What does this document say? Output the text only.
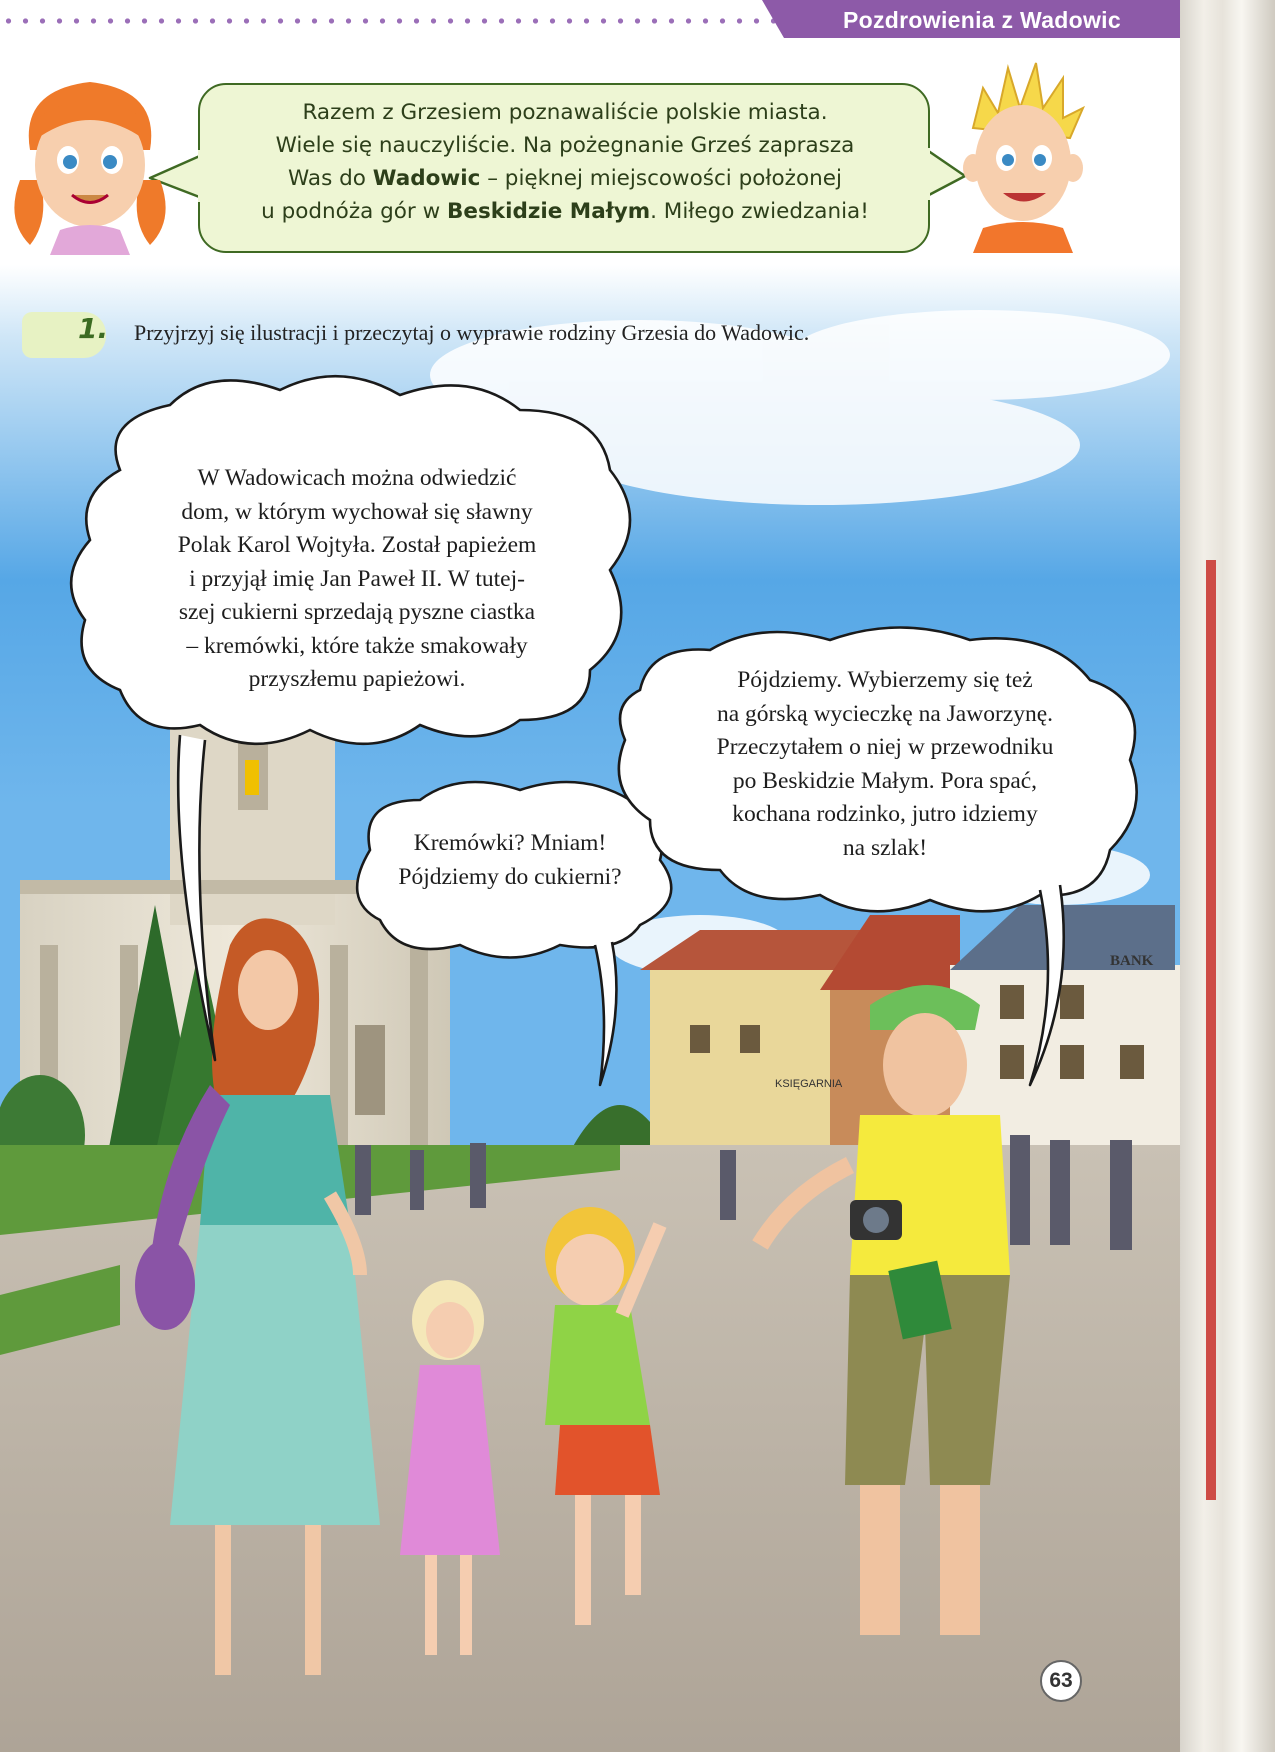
Pozdrowienia z Wadowic
BANK
KSIĘGARNIA
Razem z Grzesiem poznawaliście polskie miasta.
Wiele się nauczyliście. Na pożegnanie Grześ zaprasza
Was do Wadowic – pięknej miejscowości położonej
u podnóża gór w Beskidzie Małym. Miłego zwiedzania!
1. Przyjrzyj się ilustracji i przeczytaj o wyprawie rodziny Grzesia do Wadowic.
W Wadowicach można odwiedzić
dom, w którym wychował się sławny
Polak Karol Wojtyła. Został papieżem
i przyjął imię Jan Paweł II. W tutej-
szej cukierni sprzedają pyszne ciastka
– kremówki, które także smakowały
przyszłemu papieżowi.
Kremówki? Mniam!
Pójdziemy do cukierni?
Pójdziemy. Wybierzemy się też
na górską wycieczkę na Jaworzynę.
Przeczytałem o niej w przewodniku
po Beskidzie Małym. Pora spać,
kochana rodzinko, jutro idziemy
na szlak!
63
